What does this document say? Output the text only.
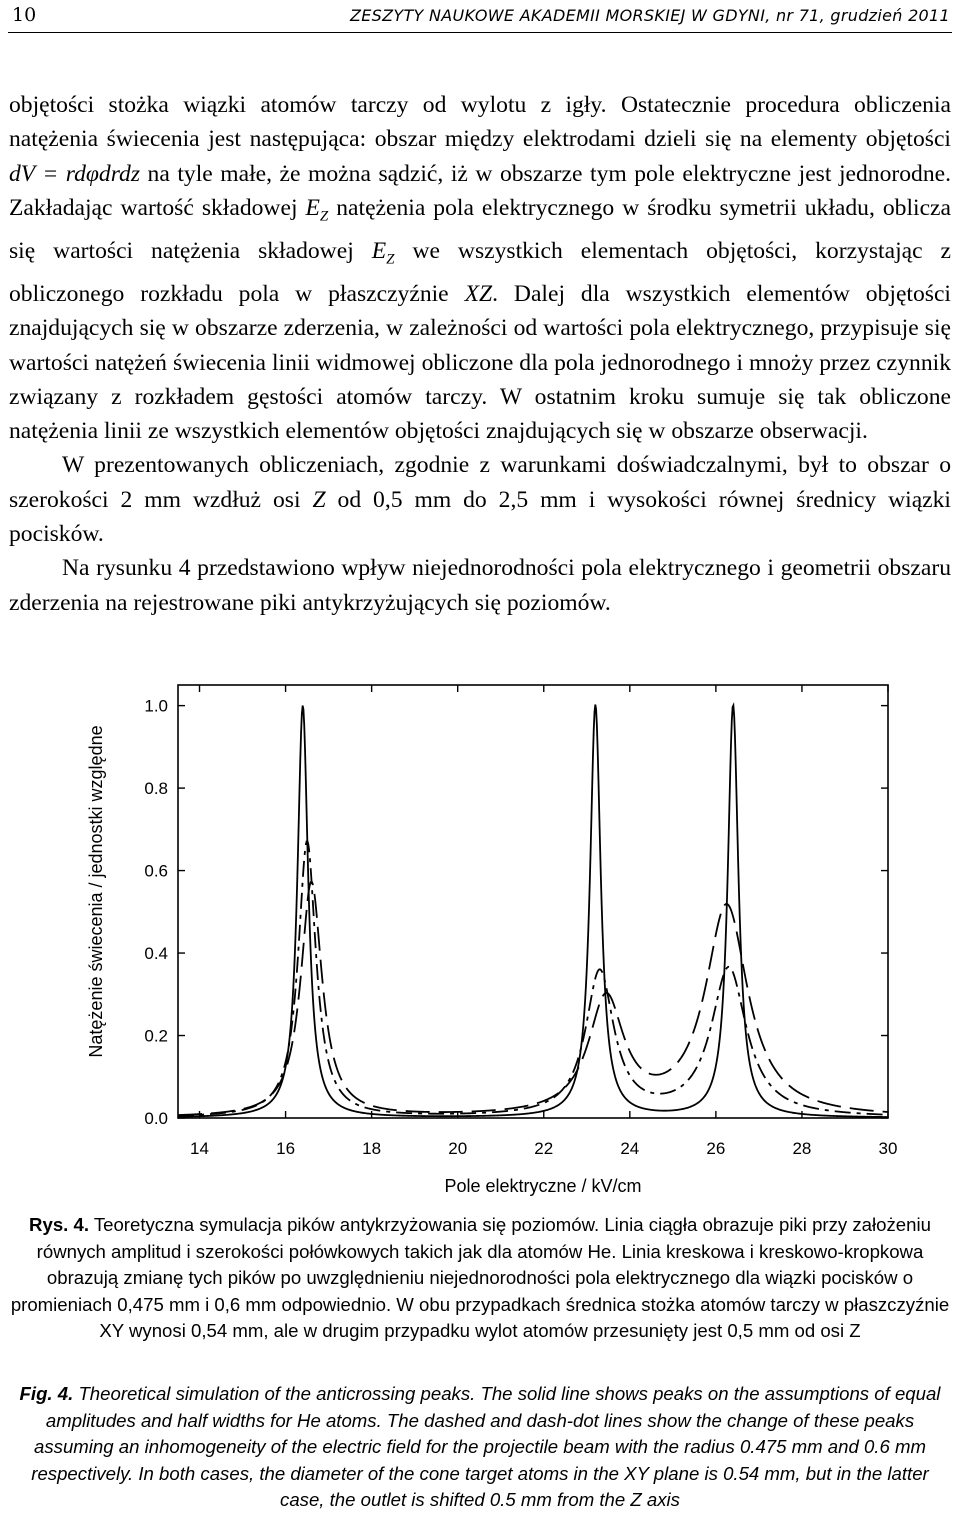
10	ZESZYTY NAUKOWE AKADEMII MORSKIEJ W GDYNI, nr 71, grudzień 2011

objętości stożka wiązki atomów tarczy od wylotu z igły. Ostatecznie procedura obliczenia natężenia świecenia jest następująca: obszar między elektrodami dzieli się na elementy objętości dV = rdφdrdz na tyle małe, że można sądzić, iż w obszarze tym pole elektryczne jest jednorodne. Zakładając wartość składowej $E_Z$ natężenia pola elektrycznego w środku symetrii układu, oblicza się wartości natężenia składowej $E_Z$ we wszystkich elementach objętości, korzystając z obliczonego rozkładu pola w płaszczyźnie XZ. Dalej dla wszystkich elementów objętości znajdujących się w obszarze zderzenia, w zależności od wartości pola elektrycznego, przypisuje się wartości natężeń świecenia linii widmowej obliczone dla pola jednorodnego i mnoży przez czynnik związany z rozkładem gęstości atomów tarczy. W ostatnim kroku sumuje się tak obliczone natężenia linii ze wszystkich elementów objętości znajdujących się w obszarze obserwacji.

W prezentowanych obliczeniach, zgodnie z warunkami doświadczalnymi, był to obszar o szerokości 2 mm wzdłuż osi Z od 0,5 mm do 2,5 mm i wysokości równej średnicy wiązki pocisków.

Na rysunku 4 przedstawiono wpływ niejednorodności pola elektrycznego i geometrii obszaru zderzenia na rejestrowane piki antykrzyżujących się poziomów.

0.0
0.2
0.4
0.6
0.8
1.0
14	16	18	20	22	24	26	28	30
Pole elektryczne / kV/cm
Natężenie świecenia / jednostki względne
Rys. 4. Teoretyczna symulacja pików antykrzyżowania się poziomów. Linia ciągła obrazuje piki przy założeniu równych amplitud i szerokości połówkowych takich jak dla atomów He. Linia kreskowa i kreskowo-kropkowa obrazują zmianę tych pików po uwzględnieniu niejednorodności pola elektrycznego dla wiązki pocisków o promieniach 0,475 mm i 0,6 mm odpowiednio. W obu przypadkach średnica stożka atomów tarczy w płaszczyźnie XY wynosi 0,54 mm, ale w drugim przypadku wylot atomów przesunięty jest 0,5 mm od osi Z
Fig. 4. Theoretical simulation of the anticrossing peaks. The solid line shows peaks on the assumptions of equal amplitudes and half widths for He atoms. The dashed and dash-dot lines show the change of these peaks assuming an inhomogeneity of the electric field for the projectile beam with the radius 0.475 mm and 0.6 mm respectively. In both cases, the diameter of the cone target atoms in the XY plane is 0.54 mm, but in the latter case, the outlet is shifted 0.5 mm from the Z axis
